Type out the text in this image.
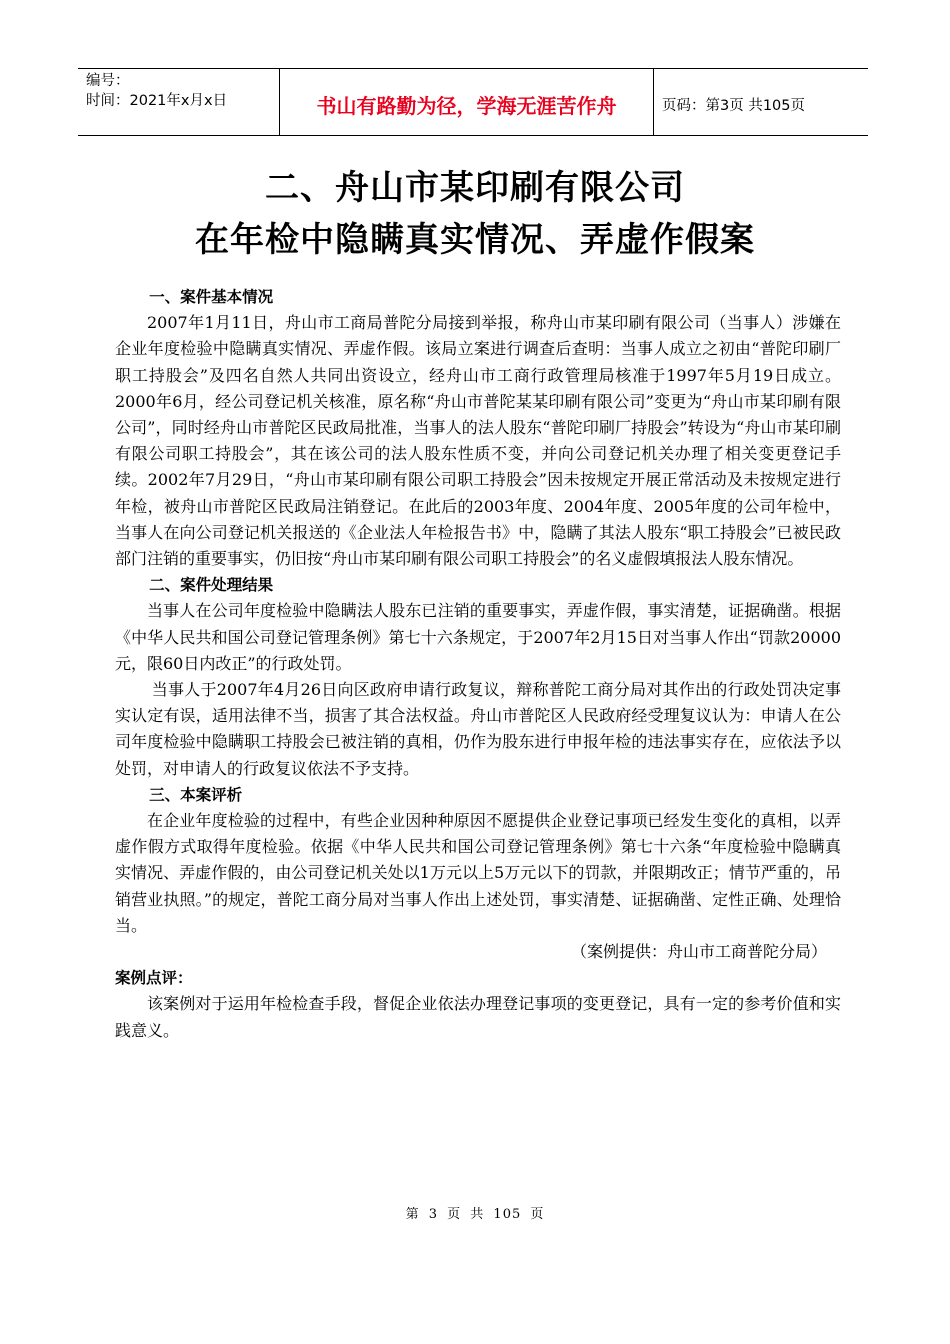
编号：
时间：2021年x月x日	书山有路勤为径，学海无涯苦作舟	页码：第3页 共105页
二、舟山市某印刷有限公司
在年检中隐瞒真实情况、弄虚作假案

一、案件基本情况

2007年1月11日，舟山市工商局普陀分局接到举报，称舟山市某印刷有限公司（当事人）涉嫌在企业年度检验中隐瞒真实情况、弄虚作假。该局立案进行调查后查明：当事人成立之初由“普陀印刷厂职工持股会”及四名自然人共同出资设立，经舟山市工商行政管理局核准于1997年5月19日成立。2000年6月，经公司登记机关核准，原名称“舟山市普陀某某印刷有限公司”变更为“舟山市某印刷有限公司”，同时经舟山市普陀区民政局批准，当事人的法人股东“普陀印刷厂持股会”转设为“舟山市某印刷有限公司职工持股会”，其在该公司的法人股东性质不变，并向公司登记机关办理了相关变更登记手续。2002年7月29日，“舟山市某印刷有限公司职工持股会”因未按规定开展正常活动及未按规定进行年检，被舟山市普陀区民政局注销登记。在此后的2003年度、2004年度、2005年度的公司年检中，当事人在向公司登记机关报送的《企业法人年检报告书》中，隐瞒了其法人股东“职工持股会”已被民政部门注销的重要事实，仍旧按“舟山市某印刷有限公司职工持股会”的名义虚假填报法人股东情况。

二、案件处理结果

当事人在公司年度检验中隐瞒法人股东已注销的重要事实，弄虚作假，事实清楚，证据确凿。根据《中华人民共和国公司登记管理条例》第七十六条规定，于2007年2月15日对当事人作出“罚款20000元，限60日内改正”的行政处罚。

当事人于2007年4月26日向区政府申请行政复议，辩称普陀工商分局对其作出的行政处罚决定事实认定有误，适用法律不当，损害了其合法权益。舟山市普陀区人民政府经受理复议认为：申请人在公司年度检验中隐瞒职工持股会已被注销的真相，仍作为股东进行申报年检的违法事实存在，应依法予以处罚，对申请人的行政复议依法不予支持。

三、本案评析

在企业年度检验的过程中，有些企业因种种原因不愿提供企业登记事项已经发生变化的真相，以弄虚作假方式取得年度检验。依据《中华人民共和国公司登记管理条例》第七十六条“年度检验中隐瞒真实情况、弄虚作假的，由公司登记机关处以1万元以上5万元以下的罚款，并限期改正；情节严重的，吊销营业执照。”的规定，普陀工商分局对当事人作出上述处罚，事实清楚、证据确凿、定性正确、处理恰当。

（案例提供：舟山市工商普陀分局）

案例点评：

该案例对于运用年检检查手段，督促企业依法办理登记事项的变更登记，具有一定的参考价值和实践意义。

第 3 页 共 105 页
